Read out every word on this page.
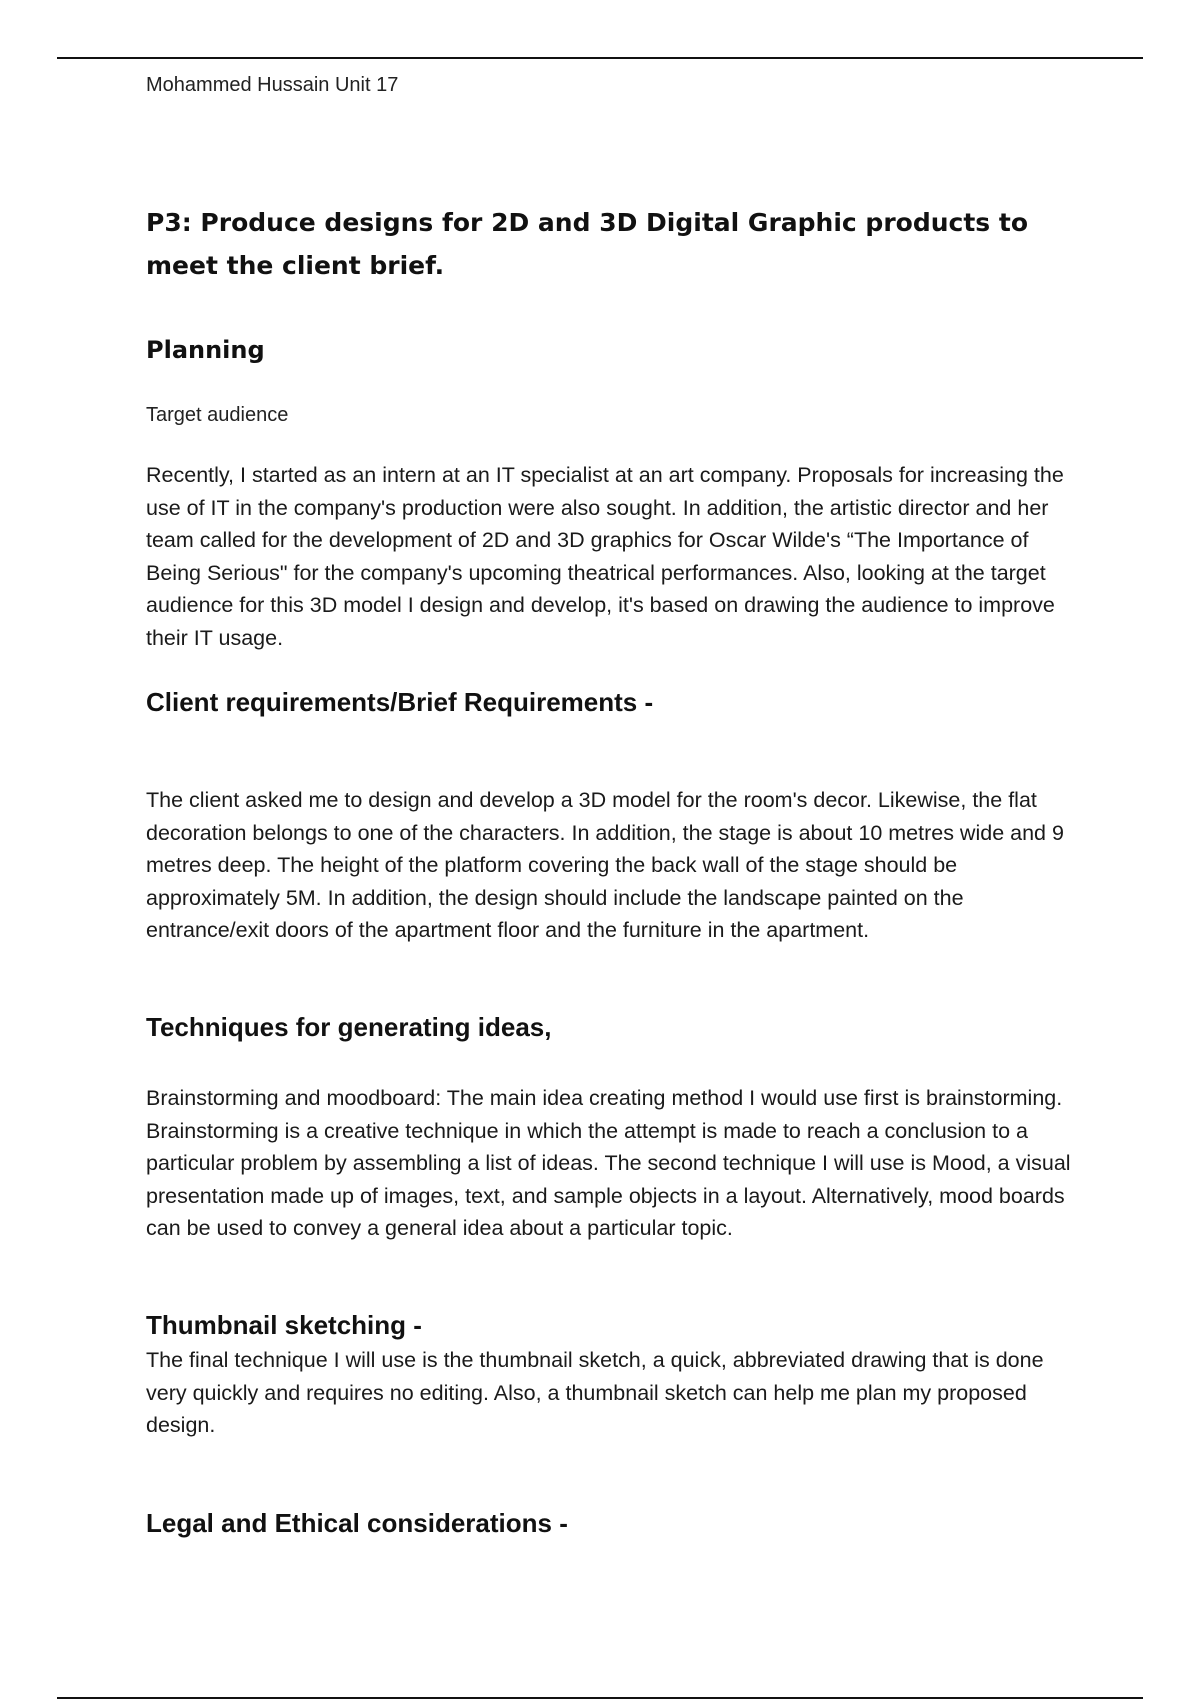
Mohammed Hussain Unit 17

P3: Produce designs for 2D and 3D Digital Graphic products to meet the client brief.
Planning

Target audience

Recently, I started as an intern at an IT specialist at an art company. Proposals for increasing the use of IT in the company's production were also sought. In addition, the artistic director and her team called for the development of 2D and 3D graphics for Oscar Wilde's “The Importance of Being Serious" for the company's upcoming theatrical performances. Also, looking at the target audience for this 3D model I design and develop, it's based on drawing the audience to improve their IT usage.

Client requirements/Brief Requirements -

The client asked me to design and develop a 3D model for the room's decor. Likewise, the flat decoration belongs to one of the characters. In addition, the stage is about 10 metres wide and 9 metres deep. The height of the platform covering the back wall of the stage should be approximately 5M. In addition, the design should include the landscape painted on the entrance/exit doors of the apartment floor and the furniture in the apartment.

Techniques for generating ideas,

Brainstorming and moodboard: The main idea creating method I would use first is brainstorming. Brainstorming is a creative technique in which the attempt is made to reach a conclusion to a particular problem by assembling a list of ideas. The second technique I will use is Mood, a visual presentation made up of images, text, and sample objects in a layout. Alternatively, mood boards can be used to convey a general idea about a particular topic.

Thumbnail sketching -

The final technique I will use is the thumbnail sketch, a quick, abbreviated drawing that is done very quickly and requires no editing. Also, a thumbnail sketch can help me plan my proposed design.

Legal and Ethical considerations -
